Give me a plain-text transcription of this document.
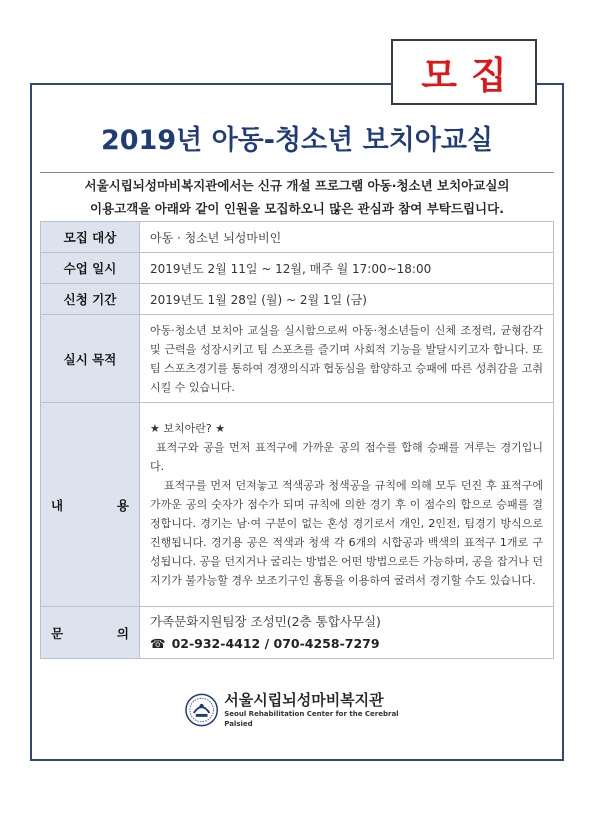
모집
2019년 아동-청소년 보치아교실

서울시립뇌성마비복지관에서는 신규 개설 프로그램 아동·청소년 보치아교실의

이용고객을 아래와 같이 인원을 모집하오니 많은 관심과 참여 부탁드립니다.

모집 대상	아동 · 청소년 뇌성마비인
수업 일시	2019년도 2월 11일 ~ 12월, 매주 월 17:00~18:00
신청 기간	2019년도 1월 28일 (월) ~ 2월 1일 (금)
실시 목적	아동·청소년 보치아 교실을 실시함으로써 아동·청소년들이 신체 조정력, 균형감각 및 근력을 성장시키고 팀 스포츠를 즐기며 사회적 기능을 발달시키고자 합니다. 또 팀 스포츠경기를 통하여 경쟁의식과 협동심을 함양하고 승패에 따른 성취감을 고취시킬 수 있습니다.
내 용	★ 보치아란? ★
표적구와 공을 먼저 표적구에 가까운 공의 점수를 합해 승패를 겨루는 경기입니다.
표적구를 먼저 던져놓고 적색공과 청색공을 규칙에 의해 모두 던진 후 표적구에 가까운 공의 숫자가 점수가 되며 규칙에 의한 경기 후 이 점수의 합으로 승패를 결정합니다. 경기는 남·여 구분이 없는 혼성 경기로서 개인, 2인전, 팀경기 방식으로 진행됩니다. 경기용 공은 적색과 청색 각 6개의 시합공과 백색의 표적구 1개로 구성됩니다. 공을 던지거나 굴리는 방법은 어떤 방법으로든 가능하며, 공을 잡거나 던지기가 불가능할 경우 보조기구인 홈통을 이용하여 굴려서 경기할 수도 있습니다.

문 의	가족문화지원팀장 조성민(2층 통합사무실)
☎ 02-932-4412 / 070-4258-7279
서울시립뇌성마비복지관
Seoul Rehabilitation Center for the Cerebral Palsied
